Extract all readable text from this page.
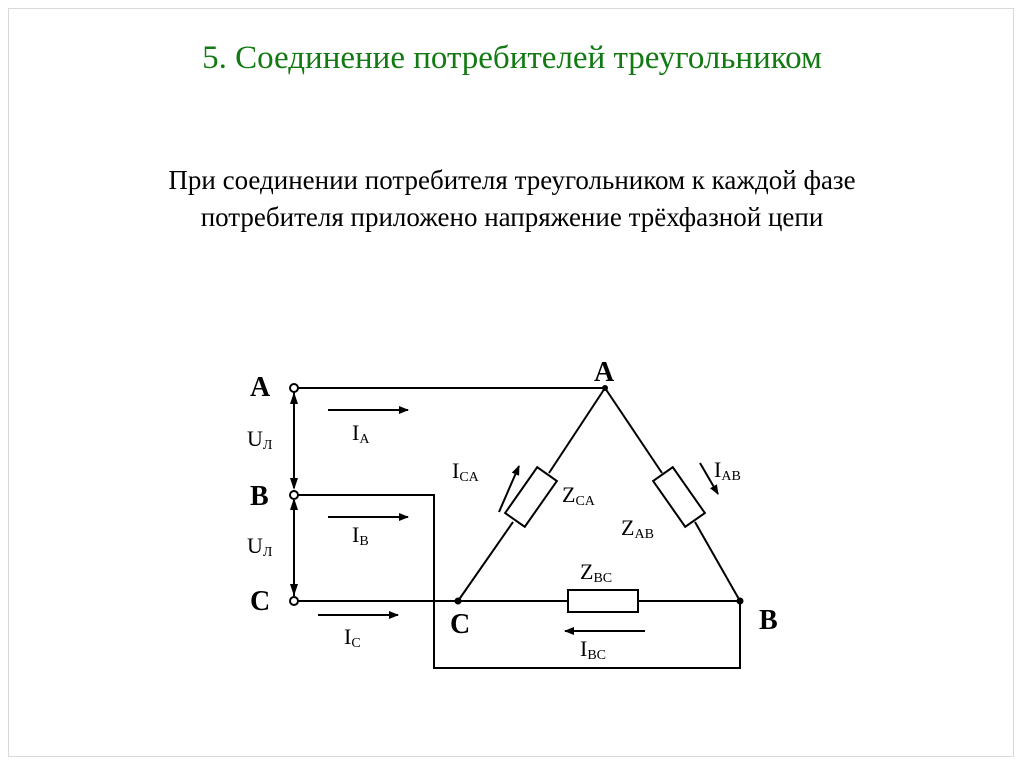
5. Соединение потребителей треугольником
При соединении потребителя треугольником к каждой фазе
потребителя приложено напряжение трёхфазной цепи
A
B
C
A
B
C
UЛ
UЛ
IA
IB
IC
ICA	IAB
IBC
ZCA
ZAB
ZBC
